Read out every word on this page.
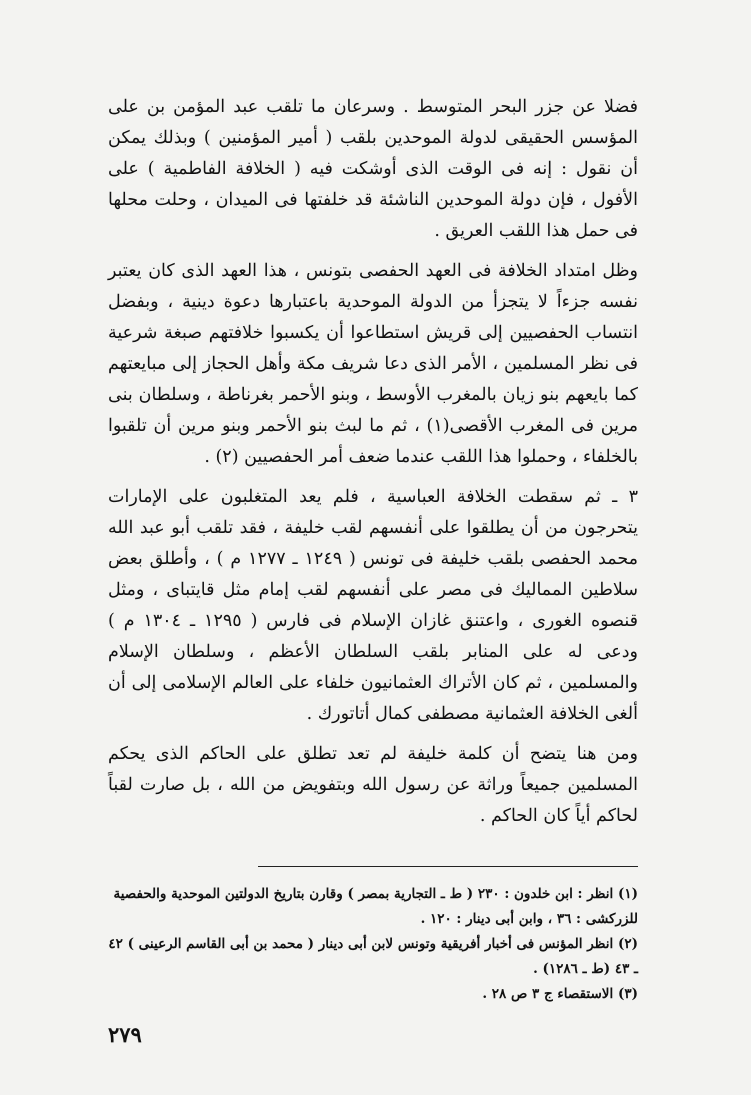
فضلا عن جزر البحر المتوسط . وسرعان ما تلقب عبد المؤمن بن على المؤسس الحقيقى لدولة الموحدين بلقب ( أمير المؤمنين ) وبذلك يمكن أن نقول : إنه فى الوقت الذى أوشكت فيه ( الخلافة الفاطمية ) على الأفول ، فإن دولة الموحدين الناشئة قد خلفتها فى الميدان ، وحلت محلها فى حمل هذا اللقب العريق .

وظل امتداد الخلافة فى العهد الحفصى بتونس ، هذا العهد الذى كان يعتبر نفسه جزءاً لا يتجزأ من الدولة الموحدية باعتبارها دعوة دينية ، وبفضل انتساب الحفصيين إلى قريش استطاعوا أن يكسبوا خلافتهم صبغة شرعية فى نظر المسلمين ، الأمر الذى دعا شريف مكة وأهل الحجاز إلى مبايعتهم كما بايعهم بنو زيان بالمغرب الأوسط ، وبنو الأحمر بغرناطة ، وسلطان بنى مرين فى المغرب الأقصى(١) ، ثم ما لبث بنو الأحمر وبنو مرين أن تلقبوا بالخلفاء ، وحملوا هذا اللقب عندما ضعف أمر الحفصيين (٢) .

٣ ـ ثم سقطت الخلافة العباسية ، فلم يعد المتغلبون على الإمارات يتحرجون من أن يطلقوا على أنفسهم لقب خليفة ، فقد تلقب أبو عبد الله محمد الحفصى بلقب خليفة فى تونس ( ١٢٤٩ ـ ١٢٧٧ م ) ، وأطلق بعض سلاطين المماليك فى مصر على أنفسهم لقب إمام مثل قايتباى ، ومثل قنصوه الغورى ، واعتنق غازان الإسلام فى فارس ( ١٢٩٥ ـ ١٣٠٤ م ) ودعى له على المنابر بلقب السلطان الأعظم ، وسلطان الإسلام والمسلمين ، ثم كان الأتراك العثمانيون خلفاء على العالم الإسلامى إلى أن ألغى الخلافة العثمانية مصطفى كمال أتاتورك .

ومن هنا يتضح أن كلمة خليفة لم تعد تطلق على الحاكم الذى يحكم المسلمين جميعاً وراثة عن رسول الله وبتفويض من الله ، بل صارت لقباً لحاكم أياً كان الحاكم .

(١) انظر : ابن خلدون : ٢٣٠ ( ط ـ التجارية بمصر ) وقارن بتاريخ الدولتين الموحدية والحفصية للزركشى : ٣٦ ، وابن أبى دينار : ١٢٠ .

(٢) انظر المؤنس فى أخبار أفريقية وتونس لابن أبى دينار ( محمد بن أبى القاسم الرعينى ) ٤٢ ـ ٤٣ (ط ـ ١٢٨٦) .

(٣) الاستقصاء ج ٣ ص ٢٨ .

٢٧٩
